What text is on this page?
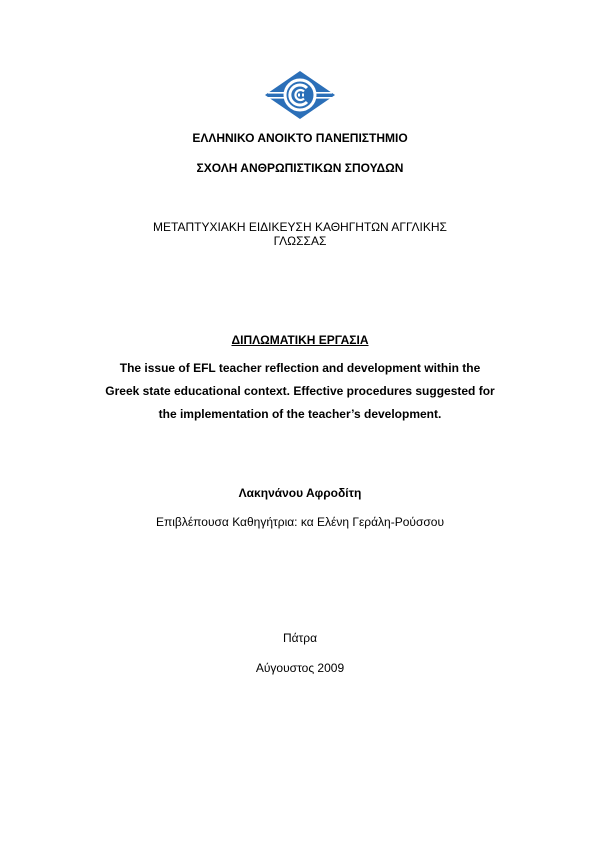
ΕΛΛΗΝΙΚΟ ΑΝΟΙΚΤΟ ΠΑΝΕΠΙΣΤΗΜΙΟ
ΣΧΟΛΗ ΑΝΘΡΩΠΙΣΤΙΚΩΝ ΣΠΟΥΔΩΝ
ΜΕΤΑΠΤΥΧΙΑΚΗ ΕΙΔΙΚΕΥΣΗ ΚΑΘΗΓΗΤΩΝ ΑΓΓΛΙΚΗΣ
ΓΛΩΣΣΑΣ
ΔΙΠΛΩΜΑΤΙΚΗ ΕΡΓΑΣΙΑ
The issue of EFL teacher reflection and development within the
Greek state educational context. Effective procedures suggested for
the implementation of the teacher’s development.
Λακηνάνου Αφροδίτη
Επιβλέπουσα Καθηγήτρια: κα Ελένη Γεράλη-Ρούσσου
Πάτρα
Αύγουστος 2009
